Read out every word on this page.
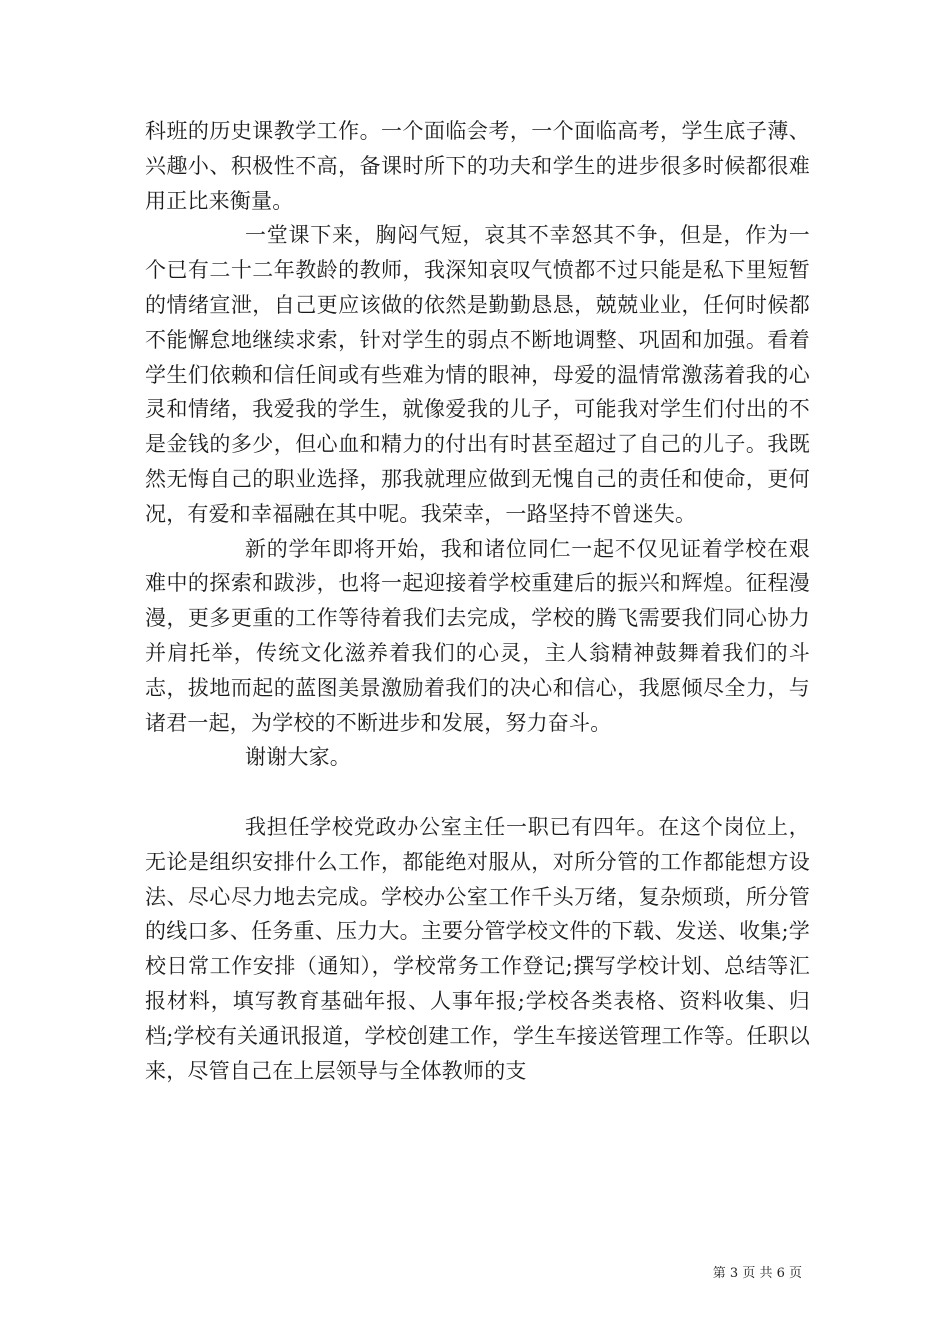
科班的历史课教学工作。一个面临会考，一个面临高考，学生底子薄、兴趣小、积极性不高，备课时所下的功夫和学生的进步很多时候都很难用正比来衡量。

一堂课下来，胸闷气短，哀其不幸怒其不争，但是，作为一个已有二十二年教龄的教师，我深知哀叹气愤都不过只能是私下里短暂的情绪宣泄，自己更应该做的依然是勤勤恳恳，兢兢业业，任何时候都不能懈怠地继续求索，针对学生的弱点不断地调整、巩固和加强。看着学生们依赖和信任间或有些难为情的眼神，母爱的温情常激荡着我的心灵和情绪，我爱我的学生，就像爱我的儿子，可能我对学生们付出的不是金钱的多少，但心血和精力的付出有时甚至超过了自己的儿子。我既然无悔自己的职业选择，那我就理应做到无愧自己的责任和使命，更何况，有爱和幸福融在其中呢。我荣幸，一路坚持不曾迷失。

新的学年即将开始，我和诸位同仁一起不仅见证着学校在艰难中的探索和跋涉，也将一起迎接着学校重建后的振兴和辉煌。征程漫漫，更多更重的工作等待着我们去完成，学校的腾飞需要我们同心协力并肩托举，传统文化滋养着我们的心灵，主人翁精神鼓舞着我们的斗志，拔地而起的蓝图美景激励着我们的决心和信心，我愿倾尽全力，与诸君一起，为学校的不断进步和发展，努力奋斗。

谢谢大家。

我担任学校党政办公室主任一职已有四年。在这个岗位上，无论是组织安排什么工作，都能绝对服从，对所分管的工作都能想方设法、尽心尽力地去完成。学校办公室工作千头万绪，复杂烦琐，所分管的线口多、任务重、压力大。主要分管学校文件的下载、发送、收集;学校日常工作安排（通知），学校常务工作登记;撰写学校计划、总结等汇报材料，填写教育基础年报、人事年报;学校各类表格、资料收集、归档;学校有关通讯报道，学校创建工作，学生车接送管理工作等。任职以来，尽管自己在上层领导与全体教师的支

第 3 页 共 6 页
